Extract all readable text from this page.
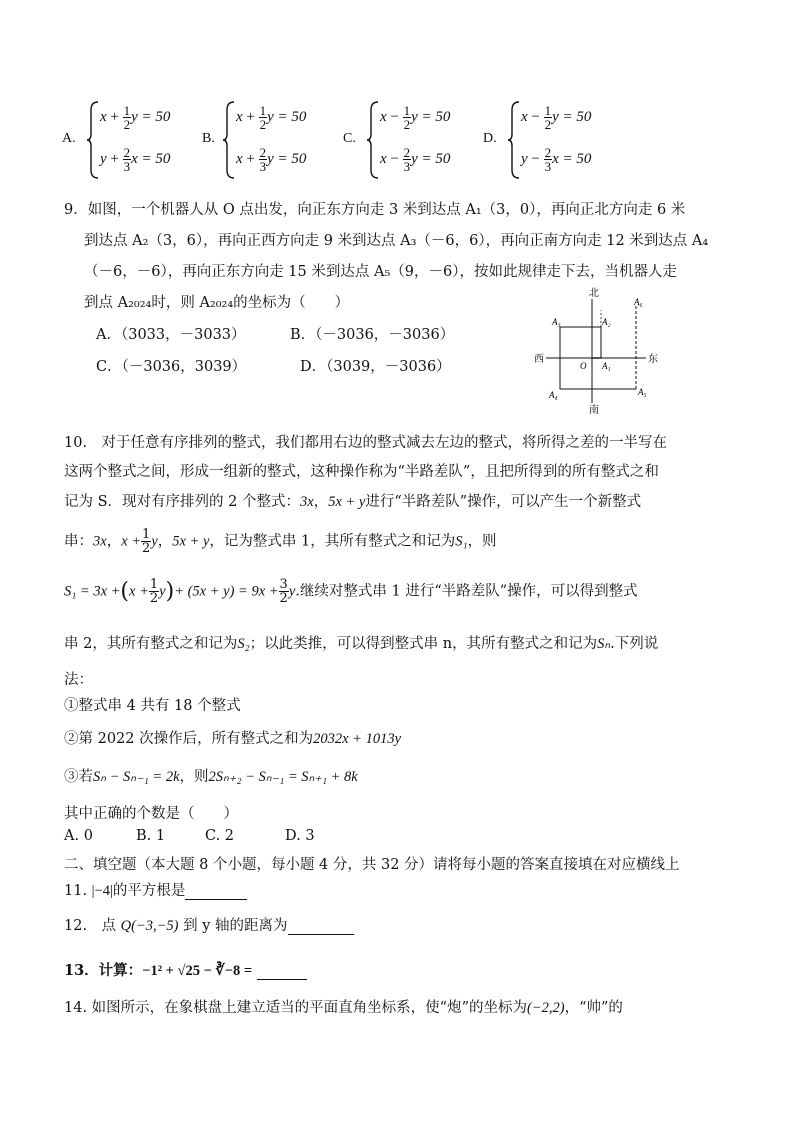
A.
$x + \frac{1}{2}$ y = 50
$y + \frac{2}{3}$ x = 50
B.
$x + \frac{1}{2}$ y = 50
$x + \frac{2}{3}$ y = 50
C.
$x - \frac{1}{2}$ y = 50
$x - \frac{2}{3}$ y = 50
D.
$x - \frac{1}{2}$ y = 50
$y - \frac{2}{3}$ x = 50
9．如图，一个机器人从 O 点出发，向正东方向走 3 米到达点 A₁（3，0），再向正北方向走 6 米
到达点 A₂（3，6），再向正西方向走 9 米到达点 A₃（－6，6），再向正南方向走 12 米到达点 A₄
（－6，－6），再向正东方向走 15 米到达点 A₅（9，－6），按如此规律走下去，当机器人走
到点 A₂₀₂₄时，则 A₂₀₂₄的坐标为（　　）
A．（3033，－3033）	B．（－3036，－3036）
C．（－3036，3039）	D．（3039，－3036）
北
南
西	东
O A₁
A₂
A₃
A₄	A₅
A₆
10.　对于任意有序排列的整式，我们都用右边的整式减去左边的整式，将所得之差的一半写在
这两个整式之间，形成一组新的整式，这种操作称为“半路差队”，且把所得到的所有整式之和
记为 S．现对有序排列的 2 个整式：3x，5x + y进行“半路差队”操作，可以产生一个新整式
串：3x，$x + \frac{1}{2}$ y，5x + y，记为整式串 1，其所有整式之和记为S₁，则
$S_1 = 3x +(x + \frac{1}{2} y)+ (5x + y) = 9x + \frac{3}{2} y$.继续对整式串 1 进行“半路差队”操作，可以得到整式
串 2，其所有整式之和记为S₂；以此类推，可以得到整式串 n，其所有整式之和记为Sₙ.下列说
法：
①整式串 4 共有 18 个整式
②第 2022 次操作后，所有整式之和为2032x + 1013y
③若Sₙ − Sₙ₋₁ = 2k，则2Sₙ₊₂ − Sₙ₋₁ = Sₙ₊₁ + 8k
其中正确的个数是（　　）
A. 0	B. 1	C. 2	D. 3
二、填空题（本大题 8 个小题，每小题 4 分，共 32 分）请将每小题的答案直接填在对应横线上
11. |−4|的平方根是
12.　点 Q(−3,−5) 到 y 轴的距离为
13．计算：−1² + √25 − ∛−8 =
14. 如图所示，在象棋盘上建立适当的平面直角坐标系，使“炮”的坐标为(−2,2)，“帅”的
